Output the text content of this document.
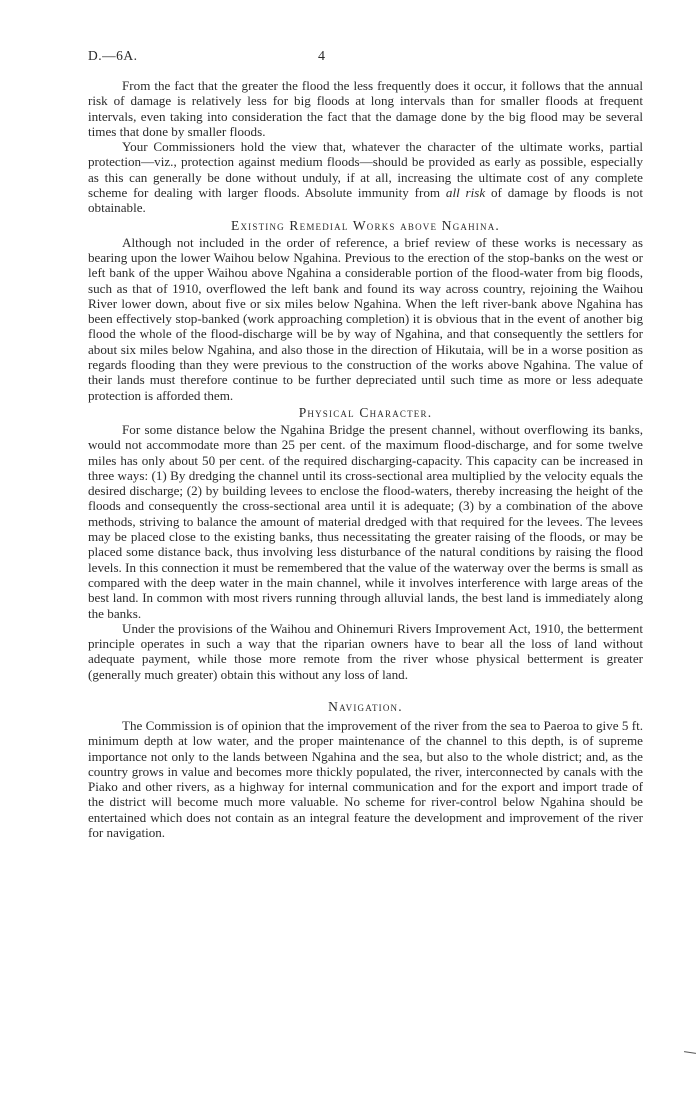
D.—6A.	4

From the fact that the greater the flood the less frequently does it occur, it follows that the annual risk of damage is relatively less for big floods at long intervals than for smaller floods at frequent intervals, even taking into consideration the fact that the damage done by the big flood may be several times that done by smaller floods.

Your Commissioners hold the view that, whatever the character of the ultimate works, partial protection—viz., protection against medium floods—should be provided as early as possible, especially as this can generally be done without unduly, if at all, increasing the ultimate cost of any complete scheme for dealing with larger floods. Absolute immunity from all risk of damage by floods is not obtainable.

Existing Remedial Works above Ngahina.

Although not included in the order of reference, a brief review of these works is necessary as bearing upon the lower Waihou below Ngahina. Previous to the erection of the stop-banks on the west or left bank of the upper Waihou above Ngahina a considerable portion of the flood-water from big floods, such as that of 1910, overflowed the left bank and found its way across country, rejoining the Waihou River lower down, about five or six miles below Ngahina. When the left river-bank above Ngahina has been effectively stop-banked (work approaching completion) it is obvious that in the event of another big flood the whole of the flood-discharge will be by way of Ngahina, and that consequently the settlers for about six miles below Ngahina, and also those in the direction of Hikutaia, will be in a worse position as regards flooding than they were previous to the construction of the works above Ngahina. The value of their lands must therefore continue to be further depreciated until such time as more or less adequate protection is afforded them.

Physical Character.

For some distance below the Ngahina Bridge the present channel, without overflowing its banks, would not accommodate more than 25 per cent. of the maximum flood-discharge, and for some twelve miles has only about 50 per cent. of the required discharging-capacity. This capacity can be increased in three ways: (1) By dredging the channel until its cross-sectional area multiplied by the velocity equals the desired discharge; (2) by building levees to enclose the flood-waters, thereby increasing the height of the floods and consequently the cross-sectional area until it is adequate; (3) by a combination of the above methods, striving to balance the amount of material dredged with that required for the levees. The levees may be placed close to the existing banks, thus necessitating the greater raising of the floods, or may be placed some distance back, thus involving less disturbance of the natural conditions by raising the flood levels. In this connection it must be remembered that the value of the waterway over the berms is small as compared with the deep water in the main channel, while it involves interference with large areas of the best land. In common with most rivers running through alluvial lands, the best land is immediately along the banks.

Under the provisions of the Waihou and Ohinemuri Rivers Improvement Act, 1910, the betterment principle operates in such a way that the riparian owners have to bear all the loss of land without adequate payment, while those more remote from the river whose physical betterment is greater (generally much greater) obtain this without any loss of land.

Navigation.

The Commission is of opinion that the improvement of the river from the sea to Paeroa to give 5 ft. minimum depth at low water, and the proper maintenance of the channel to this depth, is of supreme importance not only to the lands between Ngahina and the sea, but also to the whole district; and, as the country grows in value and becomes more thickly populated, the river, interconnected by canals with the Piako and other rivers, as a highway for internal communication and for the export and import trade of the district will become much more valuable. No scheme for river-control below Ngahina should be entertained which does not contain as an integral feature the development and improvement of the river for navigation.
